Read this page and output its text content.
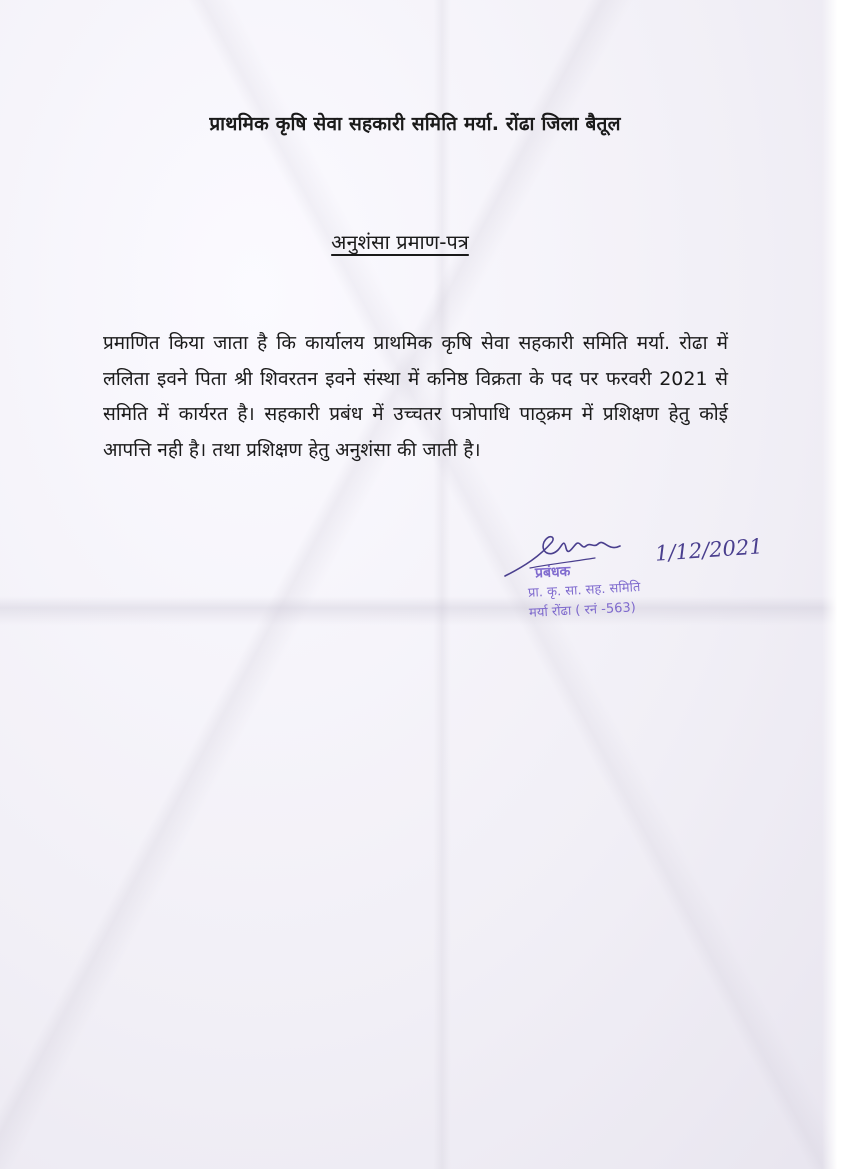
प्राथमिक कृषि सेवा सहकारी समिति मर्या. रोंढा जिला बैतूल
अनुशंसा प्रमाण-पत्र

प्रमाणित किया जाता है कि कार्यालय प्राथमिक कृषि सेवा सहकारी समिति मर्या. रोढा में ललिता इवने पिता श्री शिवरतन इवने संस्था में कनिष्ठ विक्रता के पद पर फरवरी 2021 से समिति में कार्यरत है। सहकारी प्रबंध में उच्चतर पत्रोपाधि पाठ्क्रम में प्रशिक्षण हेतु कोई आपत्ति नही है। तथा प्रशिक्षण हेतु अनुशंसा की जाती है।

1/12/2021
प्रबंधक
प्रा. कृ. सा. सह. समिति
मर्या रोंढा ( रनं -563)
